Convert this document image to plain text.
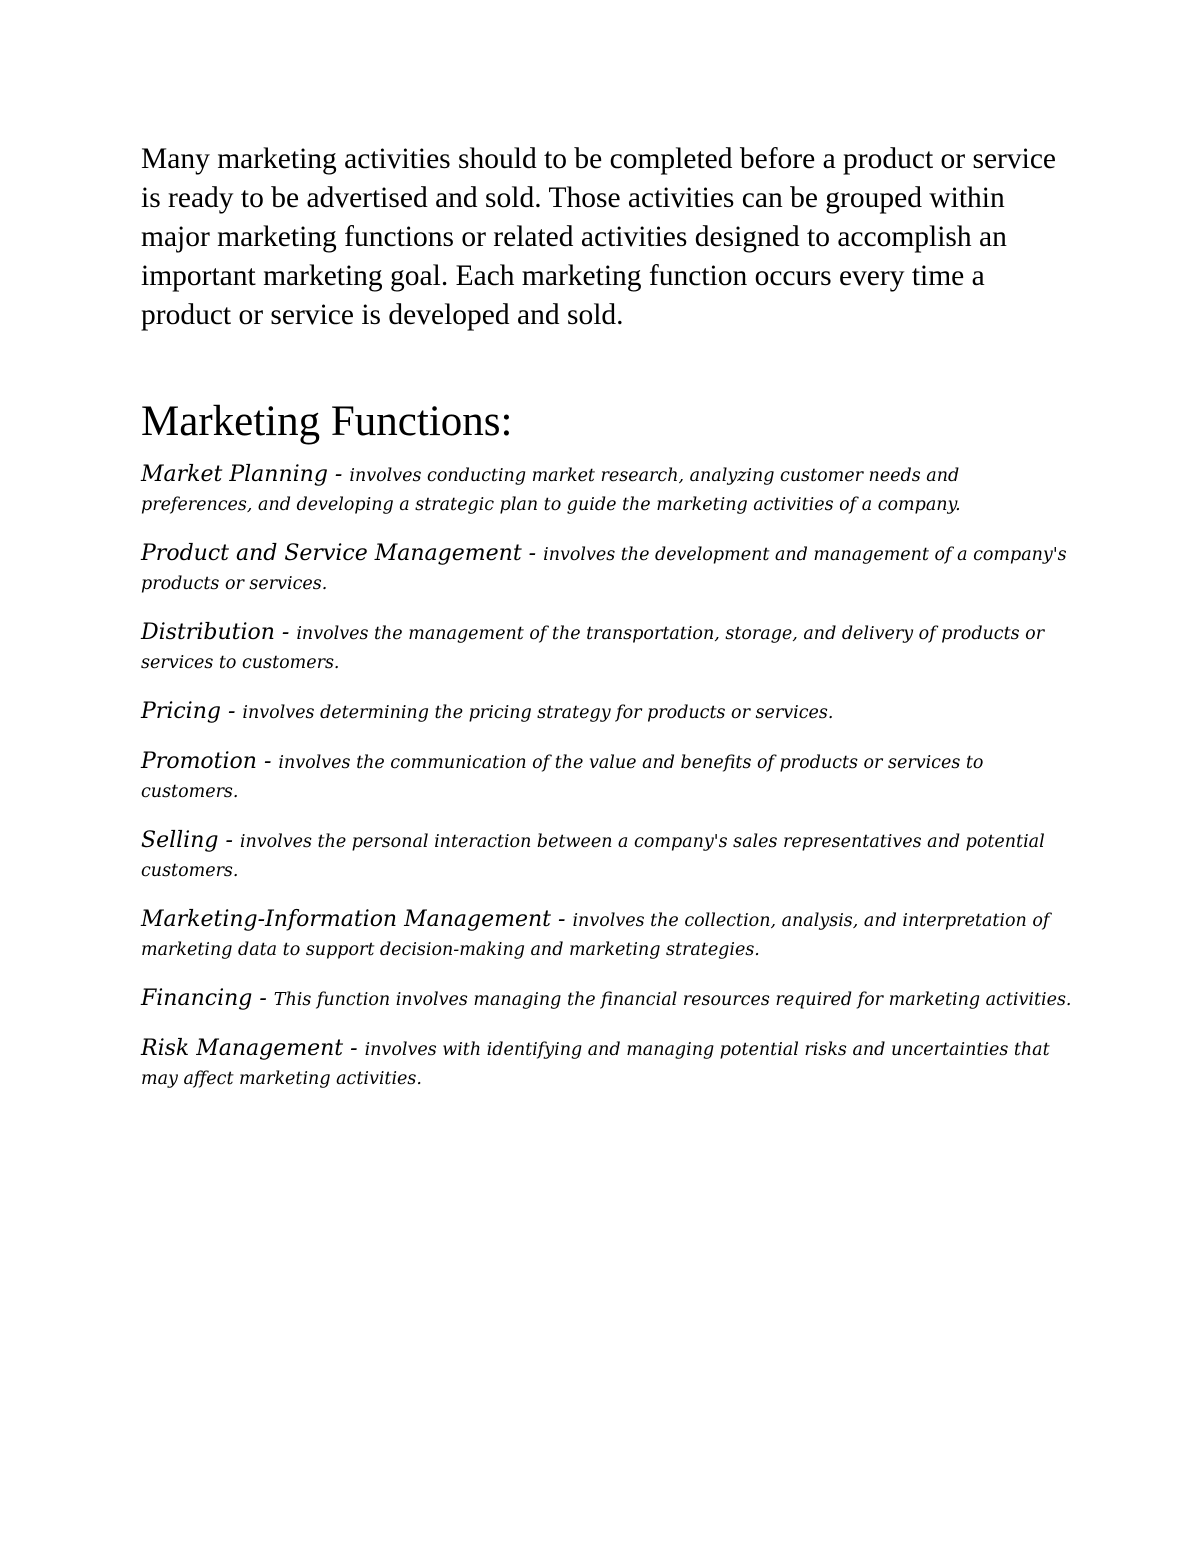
Many marketing activities should to be completed before a product or service is ready to be advertised and sold. Those activities can be grouped within major marketing functions or related activities designed to accomplish an important marketing goal. Each marketing function occurs every time a product or service is developed and sold.

Marketing Functions:
Market Planning - involves conducting market research, analyzing customer needs and preferences, and developing a strategic plan to guide the marketing activities of a company.
Product and Service Management - involves the development and management of a company's products or services.
Distribution - involves the management of the transportation, storage, and delivery of products or services to customers.
Pricing - involves determining the pricing strategy for products or services.
Promotion - involves the communication of the value and benefits of products or services to customers.
Selling - involves the personal interaction between a company's sales representatives and potential customers.
Marketing-Information Management - involves the collection, analysis, and interpretation of marketing data to support decision-making and marketing strategies.
Financing - This function involves managing the financial resources required for marketing activities.
Risk Management - involves with identifying and managing potential risks and uncertainties that may affect marketing activities.
